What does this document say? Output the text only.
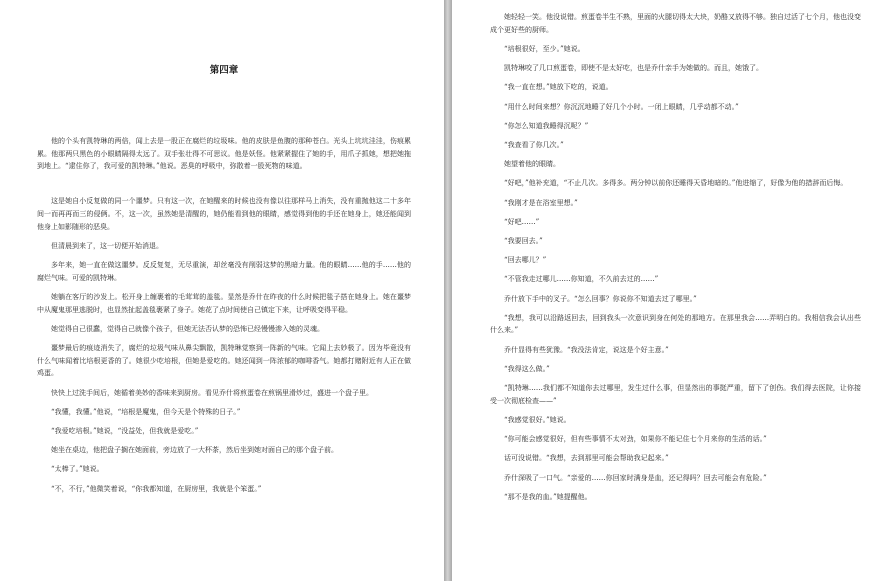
第四章

他的个头有凯特琳的两倍，闻上去是一股正在腐烂的垃圾味。他的皮肤是鱼腹的那种苍白。光头上坑坑洼洼，伤痕累累。他那两只黑色的小眼睛隔得太远了。双手张壮得不可思议。他是妖怪。他紧紧握住了她的手，用爪子抓她，想把她拖到地上。“逮住你了，我可爱的凯特琳。”他说。恶臭的呼吸中，弥散着一股死物的味道。

这是她自小反复做的同一个噩梦。只有这一次，在她醒来的时候也没有像以往那样马上消失，没有重抛他这二十多年间一而再再而三的侵俩。不，这一次，虽然她是清醒的，她仍能看到他的眼睛，感觉得到他的手还在她身上，她还能闻到他身上如影随形的恶臭。

但清晨到来了，这一切便开始消退。

多年来，她一直在做这噩梦。反反复复，无尽重演，却丝毫没有削弱这梦的黑暗力量。他的眼睛……他的手……他的腐烂气味。可爱的凯特琳。

她躺在客厅的沙发上。松开身上缠裹着的毛茸茸的盖毯。显然是乔什在昨夜的什么时候把毯子搭在她身上。她在噩梦中从魔鬼那里逃脱时，也显然扯起盖毯裹紧了身子。她花了点时间使自己镇定下来，让呼吸变得平稳。

她觉得自己很蠢，觉得自己就像个孩子，但她无法否认梦的恐怖已经慢慢渗入她的灵魂。

噩梦最后的痕迹消失了，腐烂的垃圾气味从鼻尖飘散，凯特琳觉察到一阵新的气味。它闻上去妙极了。因为毕竟没有什么气味闻着比培根更香的了。她很少吃培根，但她是爱吃的。她还闻到一阵浓郁的咖啡香气。她都打赌附近有人正在做鸡蛋。

快快上过洗手间后，她循着美妙的香味来到厨房。看见乔什将煎蛋卷在煎锅里滑炒过，盛进一个盘子里。

“我懂，我懂。”他说，“培根是魔鬼，但今天是个特殊的日子。”

“我爱吃培根。”她说，“没益处，但我就是爱吃。”

她坐在桌边，他把盘子搁在她面前，旁边放了一大杯茶，然后坐到她对面自己的那个盘子前。

“太棒了。”她说。

“不，不行，”他微笑着说，“你我都知道，在厨房里，我就是个笨蛋。”

她轻轻一笑。他没说错。煎蛋卷半生不熟，里面的火腿切得太大块，奶酪又放得不够。独自过活了七个月，他也没变成个更好些的厨师。

“培根很好，至少。”她说。

凯特琳咬了几口煎蛋卷，即使不是太好吃，也是乔什亲手为她做的。而且，她饿了。

“我一直在想。”她放下吃的，说道。

“用什么时间来想？你沉沉地睡了好几个小时。一闭上眼睛，几乎动都不动。”

“你怎么知道我睡得沉呢？”

“我查看了你几次。”

她望着他的眼睛。

“好吧，”他补充道，“不止几次。多得多。两分钟以前你还睡得天昏地暗的。”他进缩了，好像为他的措辞而后悔。

“我刚才是在浴室里想。”

“好吧……”

“我要回去。”

“回去哪儿？”

“不管我走过哪儿……你知道，不久前去过的……”

乔什放下手中的叉子。“怎么回事？你说你不知道去过了哪里。”

“我想，我可以沿路返回去，回到我头一次意识到身在何处的那地方。在那里我会……弄明白的。我相信我会认出些什么来。”

乔什显得有些犹豫。“我没法肯定，说这是个好主意。”

“我得这么做。”

“凯特琳……我们都不知道你去过哪里，发生过什么事，但显然出的事挺严重，留下了创伤。我们得去医院，让你接受一次彻底检查——”

“我感觉很好。”她说。

“你可能会感觉很好，但有些事情不太对劲，如果你不能记住七个月来你的生活的话。”

话可没说错。“我想，去到那里可能会帮助我记起来。”

乔什深吸了一口气。“亲爱的……你回家时满身是血，还记得吗？回去可能会有危险。”

“那不是我的血。”她提醒他。
